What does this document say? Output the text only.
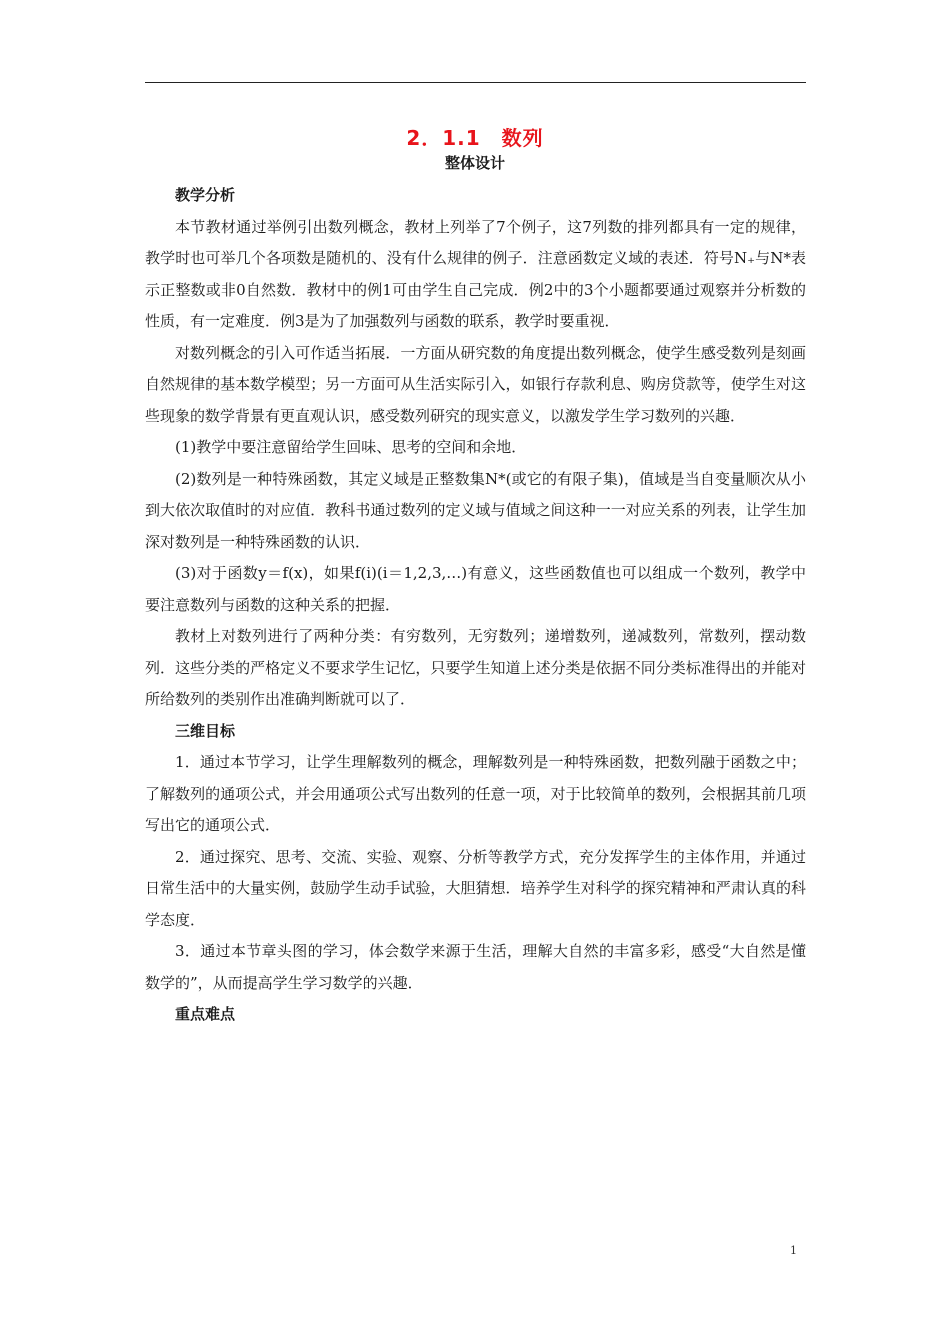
2．1.1　数列
整体设计

教学分析

本节教材通过举例引出数列概念，教材上列举了7个例子，这7列数的排列都具有一定的规律，教学时也可举几个各项数是随机的、没有什么规律的例子．注意函数定义域的表述．符号N₊与N*表示正整数或非0自然数．教材中的例1可由学生自己完成．例2中的3个小题都要通过观察并分析数的性质，有一定难度．例3是为了加强数列与函数的联系，教学时要重视．

对数列概念的引入可作适当拓展．一方面从研究数的角度提出数列概念，使学生感受数列是刻画自然规律的基本数学模型；另一方面可从生活实际引入，如银行存款利息、购房贷款等，使学生对这些现象的数学背景有更直观认识，感受数列研究的现实意义，以激发学生学习数列的兴趣．

(1)教学中要注意留给学生回味、思考的空间和余地．

(2)数列是一种特殊函数，其定义域是正整数集N*(或它的有限子集)，值域是当自变量顺次从小到大依次取值时的对应值．教科书通过数列的定义域与值域之间这种一一对应关系的列表，让学生加深对数列是一种特殊函数的认识．

(3)对于函数y＝f(x)，如果f(i)(i＝1,2,3,…)有意义，这些函数值也可以组成一个数列，教学中要注意数列与函数的这种关系的把握．

教材上对数列进行了两种分类：有穷数列，无穷数列；递增数列，递减数列，常数列，摆动数列．这些分类的严格定义不要求学生记忆，只要学生知道上述分类是依据不同分类标准得出的并能对所给数列的类别作出准确判断就可以了．

三维目标

1．通过本节学习，让学生理解数列的概念，理解数列是一种特殊函数，把数列融于函数之中；了解数列的通项公式，并会用通项公式写出数列的任意一项，对于比较简单的数列，会根据其前几项写出它的通项公式．

2．通过探究、思考、交流、实验、观察、分析等教学方式，充分发挥学生的主体作用，并通过日常生活中的大量实例，鼓励学生动手试验，大胆猜想．培养学生对科学的探究精神和严肃认真的科学态度．

3．通过本节章头图的学习，体会数学来源于生活，理解大自然的丰富多彩，感受“大自然是懂数学的”，从而提高学生学习数学的兴趣．

重点难点

1
